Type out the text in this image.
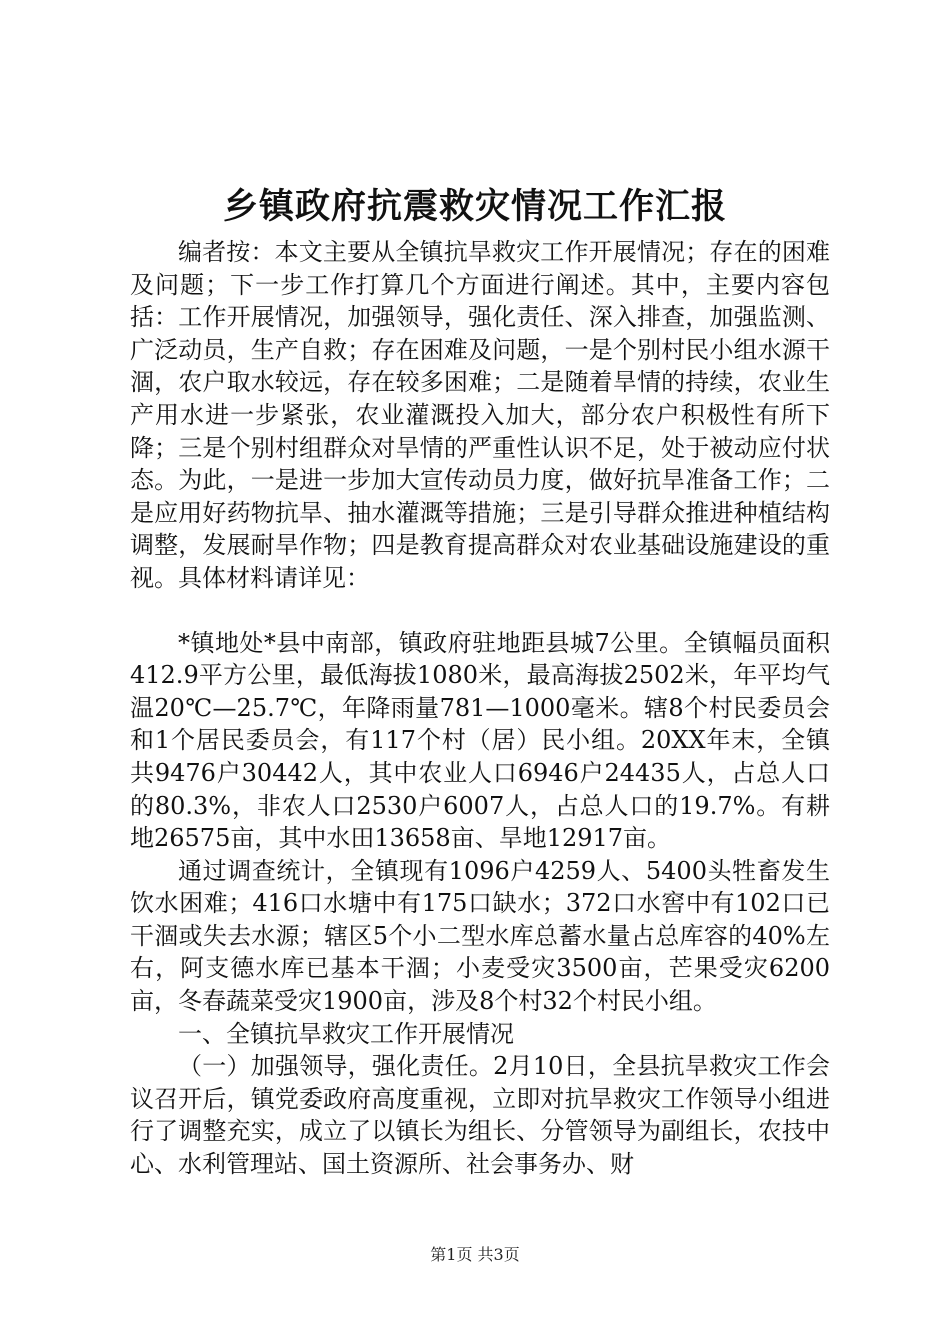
乡镇政府抗震救灾情况工作汇报

编者按：本文主要从全镇抗旱救灾工作开展情况；存在的困难及问题；下一步工作打算几个方面进行阐述。其中，主要内容包括：工作开展情况，加强领导，强化责任、深入排查，加强监测、广泛动员，生产自救；存在困难及问题，一是个别村民小组水源干涸，农户取水较远，存在较多困难；二是随着旱情的持续，农业生产用水进一步紧张，农业灌溉投入加大，部分农户积极性有所下降；三是个别村组群众对旱情的严重性认识不足，处于被动应付状态。为此，一是进一步加大宣传动员力度，做好抗旱准备工作；二是应用好药物抗旱、抽水灌溉等措施；三是引导群众推进种植结构调整，发展耐旱作物；四是教育提高群众对农业基础设施建设的重视。具体材料请详见：

*镇地处*县中南部，镇政府驻地距县城7公里。全镇幅员面积412.9平方公里，最低海拔1080米，最高海拔2502米，年平均气温20℃—25.7℃，年降雨量781—1000毫米。辖8个村民委员会和1个居民委员会，有117个村（居）民小组。20XX年末，全镇共9476户30442人，其中农业人口6946户24435人，占总人口的80.3%，非农人口2530户6007人，占总人口的19.7%。有耕地26575亩，其中水田13658亩、旱地12917亩。

通过调查统计，全镇现有1096户4259人、5400头牲畜发生饮水困难；416口水塘中有175口缺水；372口水窖中有102口已干涸或失去水源；辖区5个小二型水库总蓄水量占总库容的40%左右，阿支德水库已基本干涸；小麦受灾3500亩，芒果受灾6200亩，冬春蔬菜受灾1900亩，涉及8个村32个村民小组。

一、全镇抗旱救灾工作开展情况

（一）加强领导，强化责任。2月10日，全县抗旱救灾工作会议召开后，镇党委政府高度重视，立即对抗旱救灾工作领导小组进行了调整充实，成立了以镇长为组长、分管领导为副组长，农技中心、水利管理站、国土资源所、社会事务办、财

第1页 共3页
